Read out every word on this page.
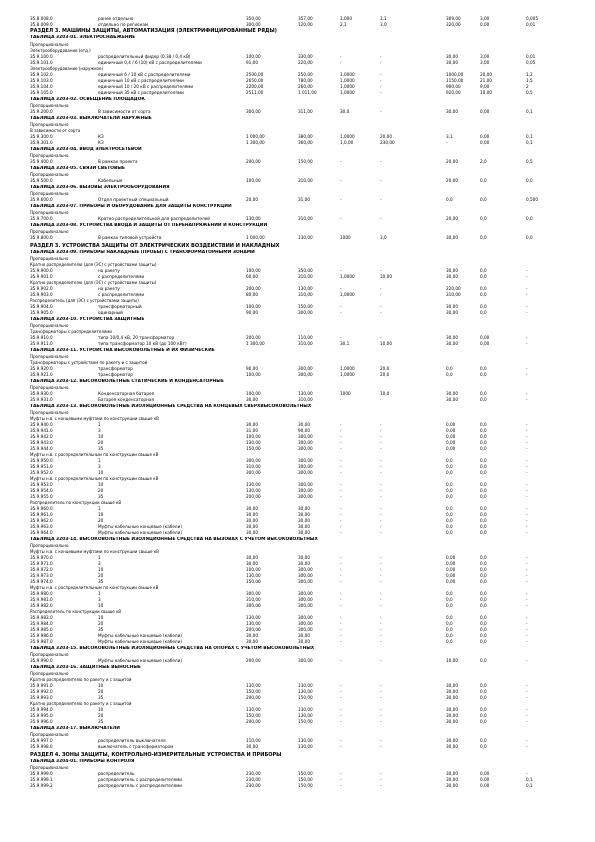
35.8.008.0	ранее отдельно	350,00	357,00	1,000	1,1	309,00	3,00	0,005
35.8.009.0	отдельно по регионам	300,00	120,00	2,1	3,0	320,00	0,00	0,01
РАЗДЕЛ 3. МАШИНЫ ЗАЩИТЫ, АВТОМАТИЗАЦИЯ (ЭЛЕКТРИФИЦИРОВАННЫЕ РЯДЫ)
ТАБЛИЦА 3203-01. ЭЛЕКТРОСНАБЖЕНИЕ
Пропорционально
Электрооборудование (отд.)
35.9.100.0	распределительный фидер (0,38 / 0,4 кВ)	100,00	330,00	-	-	30,00	3,00	0,01
35.9.101.0	единичный 0,4 / 6 (10) кВ с распределителями	91,00	220,00	-	-	30,00	3,00	0,05
Электрооборудование (наружное)
35.9.102.0	единичный 6 / 10 кВ с распределителями	2500,00	250,00	1,0000	-	1000,00	20,00	1,2
35.9.103.0	единичный 10 кВ с распределителями	2650,00	780,00	1,0000	-	1150,00	21,00	1,5
35.9.104.0	единичный 10 / 20 кВ с распределителями	2200,00	260,00	1,0000	-	900,00	9,00	2
35.9.105.0	единичный 35 кВ с распределителями	2511,00	1 011,00	1,0000	-	920,00	10,00	0,5
ТАБЛИЦА 3203-02. ОСВЕЩЕНИЕ ПЛОЩАДОК
Пропорционально
35.9.200.0	В зависимости от сорта	300,00	311,00	30,0	-	30,00	0,00	0,1
ТАБЛИЦА 3203-03. ВЫКЛЮЧАТЕЛИ НАРУЖНЫЕ
Пропорционально
В зависимости от сорта
35.9.300.0	КЗ	1 000,00	380,00	1,0000	20,00	3,1	0,00	0,1
35.9.301.0	КЗ	1 300,00	360,00	1,0,00	230,00	-	0,00	0,1
ТАБЛИЦА 3203-04. ВВОД ЭЛЕКТРОСЕТЕВОЙ
Пропорционально
35.9.400.0	В рамках проекта	200,00	150,00	-	-	20,00	2,0	0,5
ТАБЛИЦА 3203-05. СВЯЗИ СВЕТОВЫЕ
Пропорционально
35.9.500.0	Кабельные	100,00	310,00	-	-	20,00	0,0	0,0
ТАБЛИЦА 3203-06. ВЫЗОВЫ ЭЛЕКТРООБОРУДОВАНИЯ
Пропорционально
35.9.600.0	Отдел проектный специальный	20,00	31,00	-	-	0,0	0,0	0,500
ТАБЛИЦА 3203-07. ПРИБОРЫ И ОБОРУДОВАНИЕ ДЛЯ ЗАЩИТЫ КОНСТРУКЦИЙ
Пропорционально
35.9.700.0	Кратно распределительной для распределителей	130,00	310,00	-	-	20,00	0,0	0,0
ТАБЛИЦА 3203-08. УСТРОЙСТВА ВВОДА И ЗАЩИТЫ ОТ ПЕРЕНАПРЯЖЕНИЙ И КОНСТРУКЦИИ
Пропорционально
35.9.800.0	В рамках типовой устройств	1 000,00	130,00	1000	3,0	30,00	0,0	0,0
РАЗДЕЛ 3. УСТРОЙСТВА ЗАЩИТЫ ОТ ЭЛЕКТРИЧЕСКИХ ВОЗДЕЙСТВИЙ И НАКЛАДНЫХ
ТАБЛИЦА 3203-09. ПРИБОРЫ НАКЛАДНЫЕ (ПРОБЫ) С ТРАНСФОРМАТОРНЫМИ ЗОНАМИ
Пропорционально
Кратно распределителю (для (ЭС) с устройствами защиты)
35.9.900.0	на ракету	100,00	350,00	-	-	30,00	0,0	-
35.9.901.0	с распределителями	60,00	310,00	1,0000	10,00	30,00	0,0	-
Кратно распределителю (для (ЭС) с устройствами защиты)
35.9.902.0	на ракету	200,00	130,00	-	-	220,00	0,0	-
35.9.903.0	с распределителями	80,00	310,00	1,0000	-	310,00	0,0	-
Распределитель (для (ЭС) с устройствами защиты)
35.9.904.0	трансформаторный	100,00	150,00	-	-	30,00	0,0	-
35.9.905.0	одинарный	90,00	300,00	-	-	30,00	0,0	-
ТАБЛИЦА 3203-10. УСТРОЙСТВА ЗАЩИТНЫЕ
Пропорционально
Трансформаторы с распределителями
35.9.910.0	типа 10/0,4 кВ, 20 трансформатор	200,00	110,00	-	-	30,00	0,00	-
35.9.911.0	типа трансформатор 10 кВ (до 100 кВт)	1 300,00	310,00	30,1	10,00	30,00	0,00	-
ТАБЛИЦА 3203-11. УСТРОЙСТВА ВЫСОКОВОЛЬТНЫЕ И ИХ ФИЗИЧЕСКИЕ
Пропорционально
Трансформаторы с устройством по ракету и с защитой
35.9.920.0	трансформатор	90,00	300,00	1,0000	20,0	0,0	0,0	-
35.9.921.0	трансформатор	100,00	300,00	1,0000	20,0	0,0	0,0	-
ТАБЛИЦА 3203-12. ВЫСОКОВОЛЬТНЫЕ СТАТИЧЕСКИЕ И КОНДЕНСАТОРНЫЕ
Пропорционально
35.9.930.0	Конденсаторная батарея	100,00	130,00	1000	10,0	30,00	0,0	-
35.9.931.0	Батарея конденсаторная	30,00	310,00	-	-	30,00	0,0	-
ТАБЛИЦА 3203-13. ВЫСОКОВОЛЬТНЫЕ ИЗОЛЯЦИОННЫЕ СРЕДСТВА НА КОНЦЕВЫХ СВЕРХВЫСОКОВОЛЬТНЫХ
Пропорционально
Муфты н.в. с концевыми муфтами по конструкции свыше кВ
35.9.940.0	1	30,00	30,00	-	-	0,00	0,0	-
35.9.941.0	3	31,00	90,00	-	-	0,00	0,0	-
35.9.942.0	10	100,00	300,00	-	-	0,00	0,0	-
35.9.943.0	20	130,00	300,00	-	-	0,00	0,0	-
35.9.944.0	35	150,00	300,00	-	-	0,00	0,0	-
Муфты н.в. с распределительным по конструкции свыше кВ
35.9.950.0	1	300,00	300,00	-	-	0,0	0,0	-
35.9.951.0	3	310,00	300,00	-	-	0,0	0,0	-
35.9.952.0	10	300,00	300,00	-	-	0,0	0,0	-
Муфты н.в. с распределительным по конструкции свыше кВ
35.9.953.0	10	130,00	300,00	-	-	0,0	0,0	-
35.9.954.0	20	130,00	300,00	-	-	0,0	0,0	-
35.9.955.0	35	200,00	300,00	-	-	0,0	0,0	-
Распределитель по конструкции свыше кВ
35.9.960.0	1	30,00	30,00	-	-	0,0	0,0	-
35.9.961.0	10	30,00	30,00	-	-	0,0	0,0	-
35.9.962.0	20	30,00	30,00	-	-	0,0	0,0	-
35.9.963.0	Муфты кабельные концевые (кабели)	30,00	30,00	-	-	0,0	0,0	-
35.9.964.0	Муфты кабельные концевые (кабели)	30,00	30,00	-	-	0,0	0,0	-
ТАБЛИЦА 3203-14. ВЫСОКОВОЛЬТНЫЕ ИЗОЛЯЦИОННЫЕ СРЕДСТВА НА ВЫЗОВАХ С УЧЁТОМ ВЫСОКОВОЛЬТНЫХ
Пропорционально
Муфты н.в. с концевыми муфтами по конструкции свыше кВ
35.9.970.0	1	30,00	30,00	-	-	0,00	0,0	-
35.9.971.0	3	30,00	30,00	-	-	0,00	0,0	-
35.9.972.0	10	100,00	300,00	-	-	0,00	0,0	-
35.9.973.0	20	130,00	300,00	-	-	0,00	0,0	-
35.9.974.0	35	150,00	300,00	-	-	0,00	0,0	-
Муфты н.в. с распределительным по конструкции свыше кВ
35.9.980.0	1	300,00	300,00	-	-	0,0	0,0	-
35.9.981.0	3	310,00	300,00	-	-	0,0	0,0	-
35.9.982.0	10	300,00	300,00	-	-	0,0	0,0	-
Распределитель по конструкции свыше кВ
35.9.983.0	10	130,00	300,00	-	-	0,0	0,0	-
35.9.984.0	20	130,00	300,00	-	-	0,0	0,0	-
35.9.985.0	35	200,00	300,00	-	-	0,0	0,0	-
35.9.986.0	Муфты кабельные концевые (кабели)	30,00	30,00	-	-	0,0	0,0	-
35.9.987.0	Муфты кабельные концевые (кабели)	30,00	30,00	-	-	0,0	0,0	-
ТАБЛИЦА 3203-15. ВЫСОКОВОЛЬТНЫЕ ИЗОЛЯЦИОННЫЕ СРЕДСТВА НА ОПОРАХ С УЧЁТОМ ВЫСОКОВОЛЬТНЫХ
Пропорционально
35.9.990.0	Муфты кабельные концевые (кабели)	200,00	300,00	-	-	10,00	0,0	-
ТАБЛИЦА 3203-16. ЗАЩИТНЫЕ ВЫНОСНЫЕ
Пропорционально
Кратно распределителю по ракету и с защитой
35.9.991.0	10	130,00	130,00	-	-	30,00	0,0	-
35.9.992.0	20	150,00	130,00	-	-	30,00	0,0	-
35.9.993.0	35	200,00	150,00	-	-	30,00	0,0	-
Кратно распределителю по ракету и с защитой
35.9.994.0	10	130,00	130,00	-	-	30,00	0,0	-
35.9.995.0	20	150,00	130,00	-	-	30,00	0,0	-
35.9.996.0	35	200,00	150,00	-	-	30,00	0,0	-
ТАБЛИЦА 3203-17. ВЫКЛЮЧАТЕЛИ
Пропорционально
35.9.997.0	распределитель выключателя	110,00	130,00	-	-	30,00	0,0	-
35.9.998.0	выключатель с трансформатором	30,00	130,00	-	-	30,00	0,0	-
РАЗДЕЛ 4. ЗОНЫ ЗАЩИТЫ, КОНТРОЛЬНО-ИЗМЕРИТЕЛЬНЫЕ УСТРОЙСТВА И ПРИБОРЫ
ТАБЛИЦА 3204-01. ПРИБОРЫ КОНТРОЛЯ
Пропорционально
35.9.999.0	распределитель	230,00	150,00	-	-	30,00	0,00	-
35.9.999.1	распределитель с распределителями	230,00	150,00	-	-	30,00	0,00	0,1
35.9.999.2	распределитель с распределителями	230,00	150,00	-	-	30,00	0,00	0,1
